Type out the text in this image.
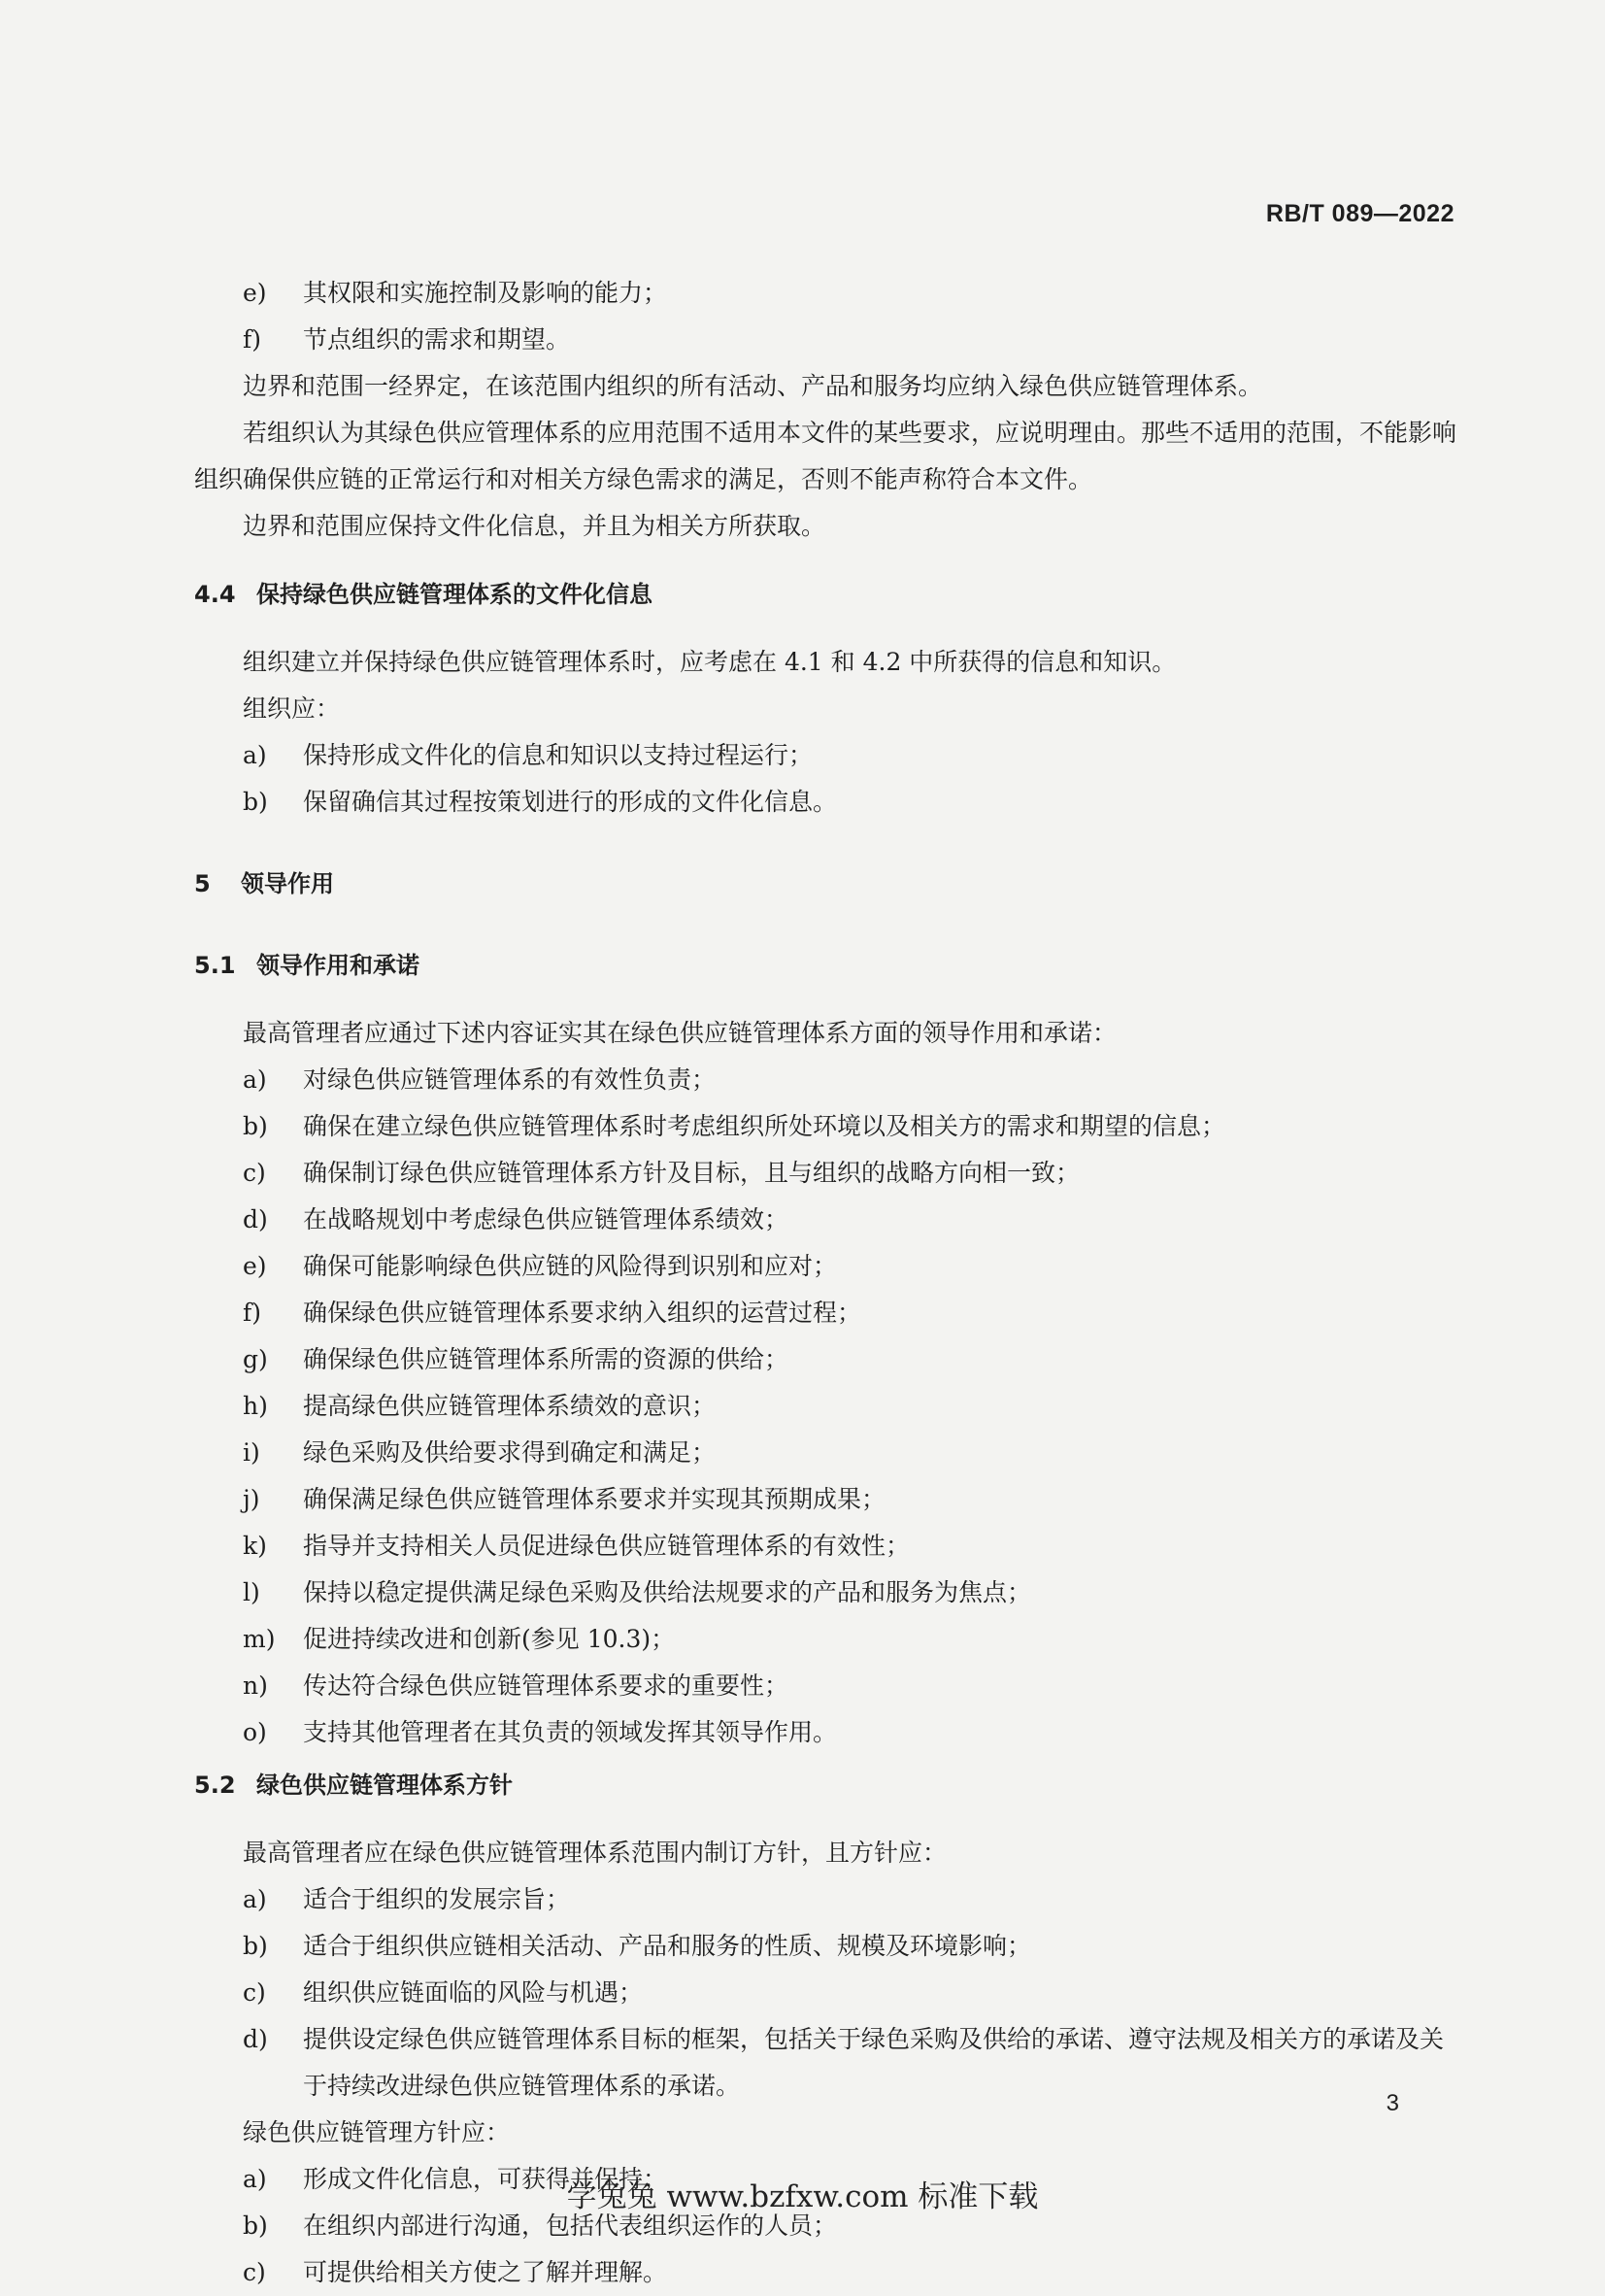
RB/T 089—2022
e) 其权限和实施控制及影响的能力；
f) 节点组织的需求和期望。
边界和范围一经界定，在该范围内组织的所有活动、产品和服务均应纳入绿色供应链管理体系。
若组织认为其绿色供应管理体系的应用范围不适用本文件的某些要求，应说明理由。那些不适用的范围，不能影响组织确保供应链的正常运行和对相关方绿色需求的满足，否则不能声称符合本文件。
边界和范围应保持文件化信息，并且为相关方所获取。
4.4 保持绿色供应链管理体系的文件化信息
组织建立并保持绿色供应链管理体系时，应考虑在 4.1 和 4.2 中所获得的信息和知识。
组织应：
a) 保持形成文件化的信息和知识以支持过程运行；
b) 保留确信其过程按策划进行的形成的文件化信息。
5 领导作用
5.1 领导作用和承诺
最高管理者应通过下述内容证实其在绿色供应链管理体系方面的领导作用和承诺：
a) 对绿色供应链管理体系的有效性负责；
b) 确保在建立绿色供应链管理体系时考虑组织所处环境以及相关方的需求和期望的信息；
c) 确保制订绿色供应链管理体系方针及目标，且与组织的战略方向相一致；
d) 在战略规划中考虑绿色供应链管理体系绩效；
e) 确保可能影响绿色供应链的风险得到识别和应对；
f) 确保绿色供应链管理体系要求纳入组织的运营过程；
g) 确保绿色供应链管理体系所需的资源的供给；
h) 提高绿色供应链管理体系绩效的意识；
i) 绿色采购及供给要求得到确定和满足；
j) 确保满足绿色供应链管理体系要求并实现其预期成果；
k) 指导并支持相关人员促进绿色供应链管理体系的有效性；
l) 保持以稳定提供满足绿色采购及供给法规要求的产品和服务为焦点；
m) 促进持续改进和创新(参见 10.3)；
n) 传达符合绿色供应链管理体系要求的重要性；
o) 支持其他管理者在其负责的领域发挥其领导作用。
5.2 绿色供应链管理体系方针
最高管理者应在绿色供应链管理体系范围内制订方针，且方针应：
a) 适合于组织的发展宗旨；
b) 适合于组织供应链相关活动、产品和服务的性质、规模及环境影响；
c) 组织供应链面临的风险与机遇；
d) 提供设定绿色供应链管理体系目标的框架，包括关于绿色采购及供给的承诺、遵守法规及相关方的承诺及关于持续改进绿色供应链管理体系的承诺。
绿色供应链管理方针应：
a) 形成文件化信息，可获得并保持；
b) 在组织内部进行沟通，包括代表组织运作的人员；
c) 可提供给相关方使之了解并理解。
3
学兔兔 www.bzfxw.com 标准下载
